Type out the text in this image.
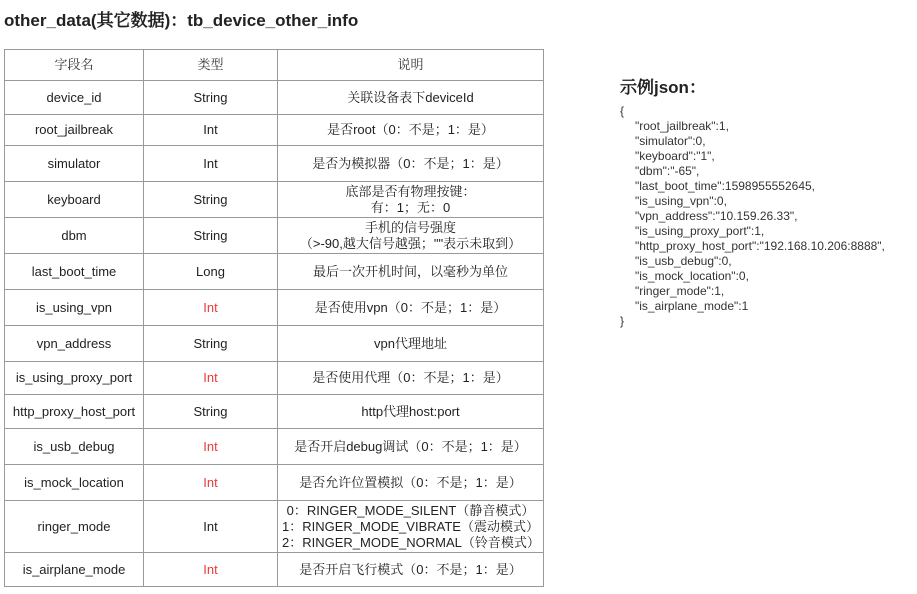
other_data(其它数据)：tb_device_other_info
字段名	类型	说明
device_id	String	关联设备表下deviceId

root_jailbreak	Int	是否root（0：不是；1：是）

simulator	Int	是否为模拟器（0：不是；1：是）

keyboard	String	底部是否有物理按键：
有：1；无：0

dbm	String	手机的信号强度
（>-90,越大信号越强；""表示未取到）

last_boot_time	Long	最后一次开机时间，以毫秒为单位

is_using_vpn	Int	是否使用vpn（0：不是；1：是）

vpn_address	String	vpn代理地址

is_using_proxy_port	Int	是否使用代理（0：不是；1：是）

http_proxy_host_port	String	http代理host:port

is_usb_debug	Int	是否开启debug调试（0：不是；1：是）

is_mock_location	Int	是否允许位置模拟（0：不是；1：是）

ringer_mode	Int	0：RINGER_MODE_SILENT（静音模式）
1：RINGER_MODE_VIBRATE（震动模式）
2：RINGER_MODE_NORMAL（铃音模式）

is_airplane_mode	Int	是否开启飞行模式（0：不是；1：是）
示例json：
{
"root_jailbreak":1,
"simulator":0,
"keyboard":"1",
"dbm":"-65",
"last_boot_time":1598955552645,
"is_using_vpn":0,
"vpn_address":"10.159.26.33",
"is_using_proxy_port":1,
"http_proxy_host_port":"192.168.10.206:8888",
"is_usb_debug":0,
"is_mock_location":0,
"ringer_mode":1,
"is_airplane_mode":1
}
